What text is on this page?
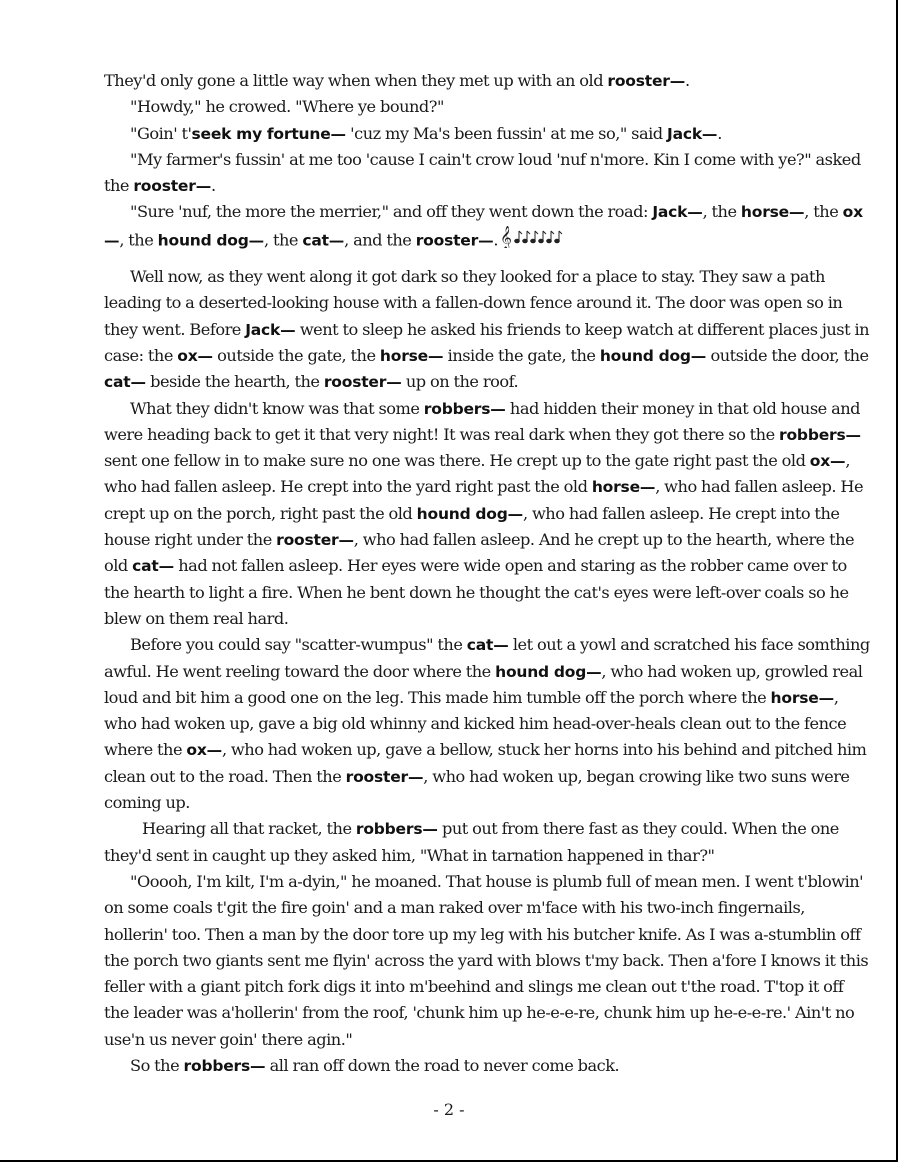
They'd only gone a little way when when they met up with an old rooster—.

"Howdy," he crowed. "Where ye bound?"

"Goin' t'seek my fortune— 'cuz my Ma's been fussin' at me so," said Jack—.

"My farmer's fussin' at me too 'cause I cain't crow loud 'nuf n'more. Kin I come with ye?" asked the rooster—.

"Sure 'nuf, the more the merrier," and off they went down the road: Jack—, the horse—, the ox—, the hound dog—, the cat—, and the rooster—. 𝄞

Well now, as they went along it got dark so they looked for a place to stay. They saw a path leading to a deserted-looking house with a fallen-down fence around it. The door was open so in they went. Before Jack— went to sleep he asked his friends to keep watch at different places just in case: the ox— outside the gate, the horse— inside the gate, the hound dog— outside the door, the cat— beside the hearth, the rooster— up on the roof.

What they didn't know was that some robbers— had hidden their money in that old house and were heading back to get it that very night! It was real dark when they got there so the robbers— sent one fellow in to make sure no one was there. He crept up to the gate right past the old ox—, who had fallen asleep. He crept into the yard right past the old horse—, who had fallen asleep. He crept up on the porch, right past the old hound dog—, who had fallen asleep. He crept into the house right under the rooster—, who had fallen asleep. And he crept up to the hearth, where the old cat— had not fallen asleep. Her eyes were wide open and staring as the robber came over to the hearth to light a fire. When he bent down he thought the cat's eyes were left-over coals so he blew on them real hard.

Before you could say "scatter-wumpus" the cat— let out a yowl and scratched his face somthing awful. He went reeling toward the door where the hound dog—, who had woken up, growled real loud and bit him a good one on the leg. This made him tumble off the porch where the horse—, who had woken up, gave a big old whinny and kicked him head-over-heals clean out to the fence where the ox—, who had woken up, gave a bellow, stuck her horns into his behind and pitched him clean out to the road. Then the rooster—, who had woken up, began crowing like two suns were coming up.

Hearing all that racket, the robbers— put out from there fast as they could. When the one they'd sent in caught up they asked him, "What in tarnation happened in thar?"

"Ooooh, I'm kilt, I'm a-dyin," he moaned. That house is plumb full of mean men. I went t'blowin' on some coals t'git the fire goin' and a man raked over m'face with his two-inch fingernails, hollerin' too. Then a man by the door tore up my leg with his butcher knife. As I was a-stumblin off the porch two giants sent me flyin' across the yard with blows t'my back. Then a'fore I knows it this feller with a giant pitch fork digs it into m'beehind and slings me clean out t'the road. T'top it off the leader was a'hollerin' from the roof, 'chunk him up he-e-e-re, chunk him up he-e-e-re.' Ain't no use'n us never goin' there agin."

So the robbers— all ran off down the road to never come back.

- 2 -
